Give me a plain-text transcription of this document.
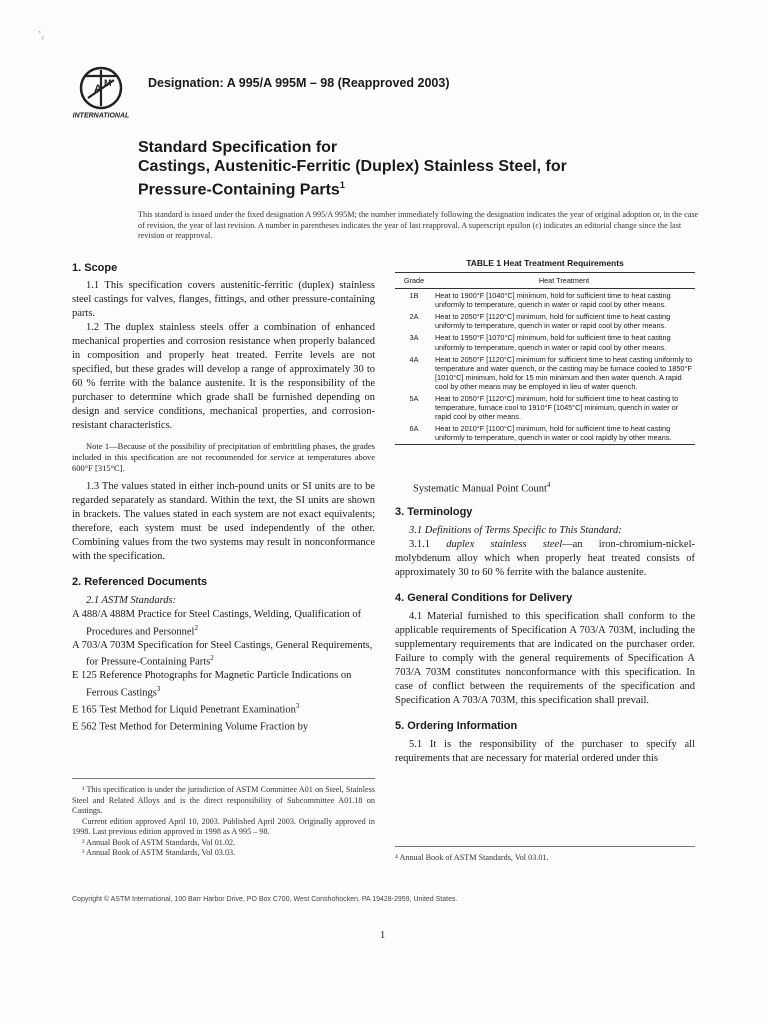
’ᵧ
A M
INTERNATIONAL
Designation: A 995/A 995M – 98 (Reapproved 2003)
Standard Specification for
Castings, Austenitic-Ferritic (Duplex) Stainless Steel, for
Pressure-Containing Parts$^1$
This standard is issued under the fixed designation A 995/A 995M; the number immediately following the designation indicates the year of original adoption or, in the case of revision, the year of last revision. A number in parentheses indicates the year of last reapproval. A superscript epsilon (ε) indicates an editorial change since the last revision or reapproval.
1. Scope

1.1 This specification covers austenitic-ferritic (duplex) stainless steel castings for valves, flanges, fittings, and other pressure-containing parts.

1.2 The duplex stainless steels offer a combination of enhanced mechanical properties and corrosion resistance when properly balanced in composition and properly heat treated. Ferrite levels are not specified, but these grades will develop a range of approximately 30 to 60 % ferrite with the balance austenite. It is the responsibility of the purchaser to determine which grade shall be furnished depending on design and service conditions, mechanical properties, and corrosion-resistant characteristics.

Note 1—Because of the possibility of precipitation of embrittling phases, the grades included in this specification are not recommended for service at temperatures above 600°F [315°C].

1.3 The values stated in either inch-pound units or SI units are to be regarded separately as standard. Within the text, the SI units are shown in brackets. The values stated in each system are not exact equivalents; therefore, each system must be used independently of the other. Combining values from the two systems may result in nonconformance with the specification.

2. Referenced Documents

2.1 ASTM Standards:

A 488/A 488M Practice for Steel Castings, Welding, Qualification of Procedures and Personnel$^2$

A 703/A 703M Specification for Steel Castings, General Requirements, for Pressure-Containing Parts$^2$

E 125 Reference Photographs for Magnetic Particle Indications on Ferrous Castings$^3$

E 165 Test Method for Liquid Penetrant Examination$^3$

E 562 Test Method for Determining Volume Fraction by

¹ This specification is under the jurisdiction of ASTM Committee A01 on Steel, Stainless Steel and Related Alloys and is the direct responsibility of Subcommittee A01.18 on Castings.

Current edition approved April 10, 2003. Published April 2003. Originally approved in 1998. Last previous edition approved in 1998 as A 995 – 98.

² Annual Book of ASTM Standards, Vol 01.02.

³ Annual Book of ASTM Standards, Vol 03.03.

TABLE 1 Heat Treatment Requirements
Grade	Heat Treatment
1B	Heat to 1900°F [1040°C] minimum, hold for sufficient time to heat casting uniformly to temperature, quench in water or rapid cool by other means.
2A	Heat to 2050°F [1120°C] minimum, hold for sufficient time to heat casting uniformly to temperature, quench in water or rapid cool by other means.
3A	Heat to 1950°F [1070°C] minimum, hold for sufficient time to heat casting uniformly to temperature, quench in water or rapid cool by other means.
4A	Heat to 2050°F [1120°C] minimum for sufficient time to heat casting uniformly to temperature and water quench, or the casting may be furnace cooled to 1850°F [1010°C] minimum, hold for 15 min minimum and then water quench. A rapid cool by other means may be employed in lieu of water quench.
5A	Heat to 2050°F [1120°C] minimum, hold for sufficient time to heat casting to temperature, furnace cool to 1910°F [1045°C] minimum, quench in water or rapid cool by other means.
6A	Heat to 2010°F [1100°C] minimum, hold for sufficient time to heat casting uniformly to temperature, quench in water or cool rapidly by other means.
Systematic Manual Point Count$^4$
3. Terminology

3.1 Definitions of Terms Specific to This Standard:

3.1.1 duplex stainless steel—an iron-chromium-nickel-molybdenum alloy which when properly heat treated consists of approximately 30 to 60 % ferrite with the balance austenite.

4. General Conditions for Delivery

4.1 Material furnished to this specification shall conform to the applicable requirements of Specification A 703/A 703M, including the supplementary requirements that are indicated on the purchaser order. Failure to comply with the general requirements of Specification A 703/A 703M constitutes nonconformance with this specification. In case of conflict between the requirements of the specification and Specification A 703/A 703M, this specification shall prevail.

5. Ordering Information

5.1 It is the responsibility of the purchaser to specify all requirements that are necessary for material ordered under this

⁴ Annual Book of ASTM Standards, Vol 03.01.
Copyright © ASTM International, 100 Barr Harbor Drive, PO Box C700, West Conshohocken, PA 19428-2959, United States.
1
